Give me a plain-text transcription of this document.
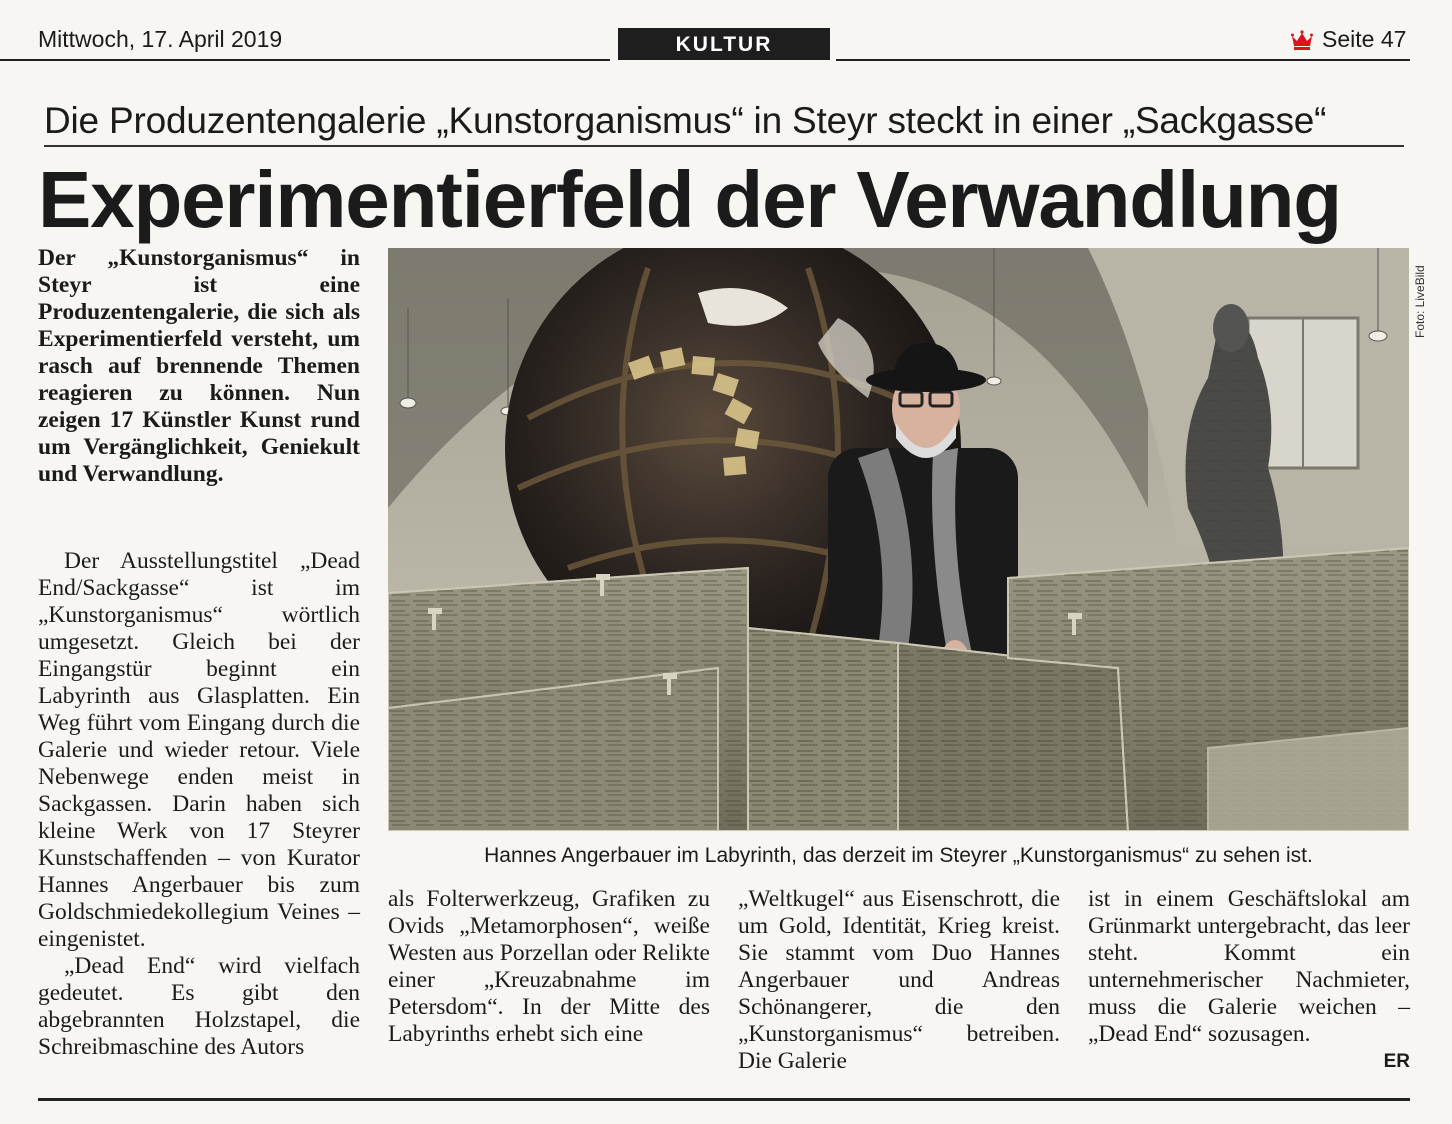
Mittwoch, 17. April 2019	KULTUR	Seite 47
Die Produzentengalerie „Kunstorganismus“ in Steyr steckt in einer „Sackgasse“
Experimentierfeld der Verwandlung

Der „Kunstorganismus“ in Steyr ist eine Produzentengalerie, die sich als Experimentierfeld versteht, um rasch auf brennende Themen reagieren zu können. Nun zeigen 17 Künstler Kunst rund um Vergänglichkeit, Geniekult und Verwandlung.

Der Ausstellungstitel „Dead End/Sackgasse“ ist im „Kunstorganismus“ wörtlich umgesetzt. Gleich bei der Eingangstür beginnt ein Labyrinth aus Glasplatten. Ein Weg führt vom Eingang durch die Galerie und wieder retour. Viele Nebenwege enden meist in Sackgassen. Darin haben sich kleine Werk von 17 Steyrer Kunstschaffenden – von Kurator Hannes Angerbauer bis zum Goldschmiedekollegium Veines – eingenistet.

„Dead End“ wird vielfach gedeutet. Es gibt den abgebrannten Holzstapel, die Schreibmaschine des Autors

Foto: LiveBild
Hannes Angerbauer im Labyrinth, das derzeit im Steyrer „Kunstorganismus“ zu sehen ist.

als Folterwerkzeug, Grafiken zu Ovids „Metamorphosen“, weiße Westen aus Porzellan oder Relikte einer „Kreuzabnahme im Petersdom“. In der Mitte des Labyrinths erhebt sich eine

„Weltkugel“ aus Eisenschrott, die um Gold, Identität, Krieg kreist. Sie stammt vom Duo Hannes Angerbauer und Andreas Schönangerer, die den „Kunstorganismus“ betreiben. Die Galerie

ist in einem Geschäftslokal am Grünmarkt untergebracht, das leer steht. Kommt ein unternehmerischer Nachmieter, muss die Galerie weichen – „Dead End“ sozusagen.

ER
